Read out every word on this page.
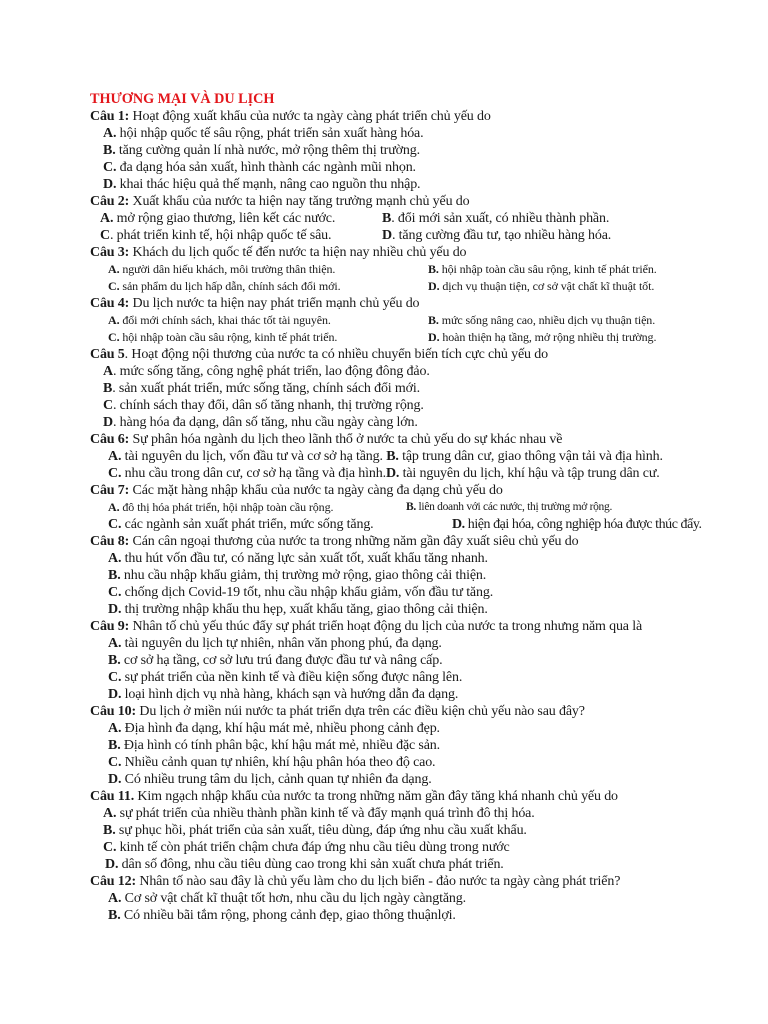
THƯƠNG MẠI VÀ DU LỊCH
Câu 1: Hoạt động xuất khẩu của nước ta ngày càng phát triển chủ yếu do
A. hội nhập quốc tế sâu rộng, phát triển sản xuất hàng hóa.
B. tăng cường quản lí nhà nước, mở rộng thêm thị trường.
C. đa dạng hóa sản xuất, hình thành các ngành mũi nhọn.
D. khai thác hiệu quả thế mạnh, nâng cao nguồn thu nhập.
Câu 2: Xuất khẩu của nước ta hiện nay tăng trưởng mạnh chủ yếu do
A. mở rộng giao thương, liên kết các nước.	B. đổi mới sản xuất, có nhiều thành phần.
C. phát triển kinh tế, hội nhập quốc tế sâu.	D. tăng cường đầu tư, tạo nhiều hàng hóa.
Câu 3: Khách du lịch quốc tế đến nước ta hiện nay nhiều chủ yếu do
A. người dân hiếu khách, môi trường thân thiện.	B. hội nhập toàn cầu sâu rộng, kinh tế phát triển.
C. sản phẩm du lịch hấp dẫn, chính sách đổi mới.	D. dịch vụ thuận tiện, cơ sở vật chất kĩ thuật tốt.
Câu 4: Du lịch nước ta hiện nay phát triển mạnh chủ yếu do
A. đổi mới chính sách, khai thác tốt tài nguyên.	B. mức sống nâng cao, nhiều dịch vụ thuận tiện.
C. hội nhập toàn cầu sâu rộng, kinh tế phát triển.	D. hoàn thiện hạ tầng, mở rộng nhiều thị trường.
Câu 5. Hoạt động nội thương của nước ta có nhiều chuyển biến tích cực chủ yếu do
A. mức sống tăng, công nghệ phát triển, lao động đông đảo.
B. sản xuất phát triển, mức sống tăng, chính sách đổi mới.
C. chính sách thay đổi, dân số tăng nhanh, thị trường rộng.
D. hàng hóa đa dạng, dân số tăng, nhu cầu ngày càng lớn.
Câu 6: Sự phân hóa ngành du lịch theo lãnh thổ ở nước ta chủ yếu do sự khác nhau về
A. tài nguyên du lịch, vốn đầu tư và cơ sở hạ tầng. B. tập trung dân cư, giao thông vận tải và địa hình.
C. nhu cầu trong dân cư, cơ sở hạ tầng và địa hình.D. tài nguyên du lịch, khí hậu và tập trung dân cư.
Câu 7: Các mặt hàng nhập khẩu của nước ta ngày càng đa dạng chủ yếu do
A. đô thị hóa phát triển, hội nhập toàn cầu rộng.	B. liên doanh với các nước, thị trường mở rộng.
C. các ngành sản xuất phát triển, mức sống tăng.	D. hiện đại hóa, công nghiệp hóa được thúc đẩy.
Câu 8: Cán cân ngoại thương của nước ta trong những năm gần đây xuất siêu chủ yếu do
A. thu hút vốn đầu tư, có năng lực sản xuất tốt, xuất khẩu tăng nhanh.
B. nhu cầu nhập khẩu giảm, thị trường mở rộng, giao thông cải thiện.
C. chống dịch Covid-19 tốt, nhu cầu nhập khẩu giảm, vốn đầu tư tăng.
D. thị trường nhập khẩu thu hẹp, xuất khẩu tăng, giao thông cải thiện.
Câu 9: Nhân tố chủ yếu thúc đẩy sự phát triển hoạt động du lịch của nước ta trong nhưng năm qua là
A. tài nguyên du lịch tự nhiên, nhân văn phong phú, đa dạng.
B. cơ sở hạ tầng, cơ sở lưu trú đang được đầu tư và nâng cấp.
C. sự phát triển của nền kinh tế và điều kiện sống được nâng lên.
D. loại hình dịch vụ nhà hàng, khách sạn và hướng dẫn đa dạng.
Câu 10: Du lịch ở miền núi nước ta phát triển dựa trên các điều kiện chủ yếu nào sau đây?
A. Địa hình đa dạng, khí hậu mát mẻ, nhiều phong cảnh đẹp.
B. Địa hình có tính phân bậc, khí hậu mát mẻ, nhiều đặc sản.
C. Nhiều cảnh quan tự nhiên, khí hậu phân hóa theo độ cao.
D. Có nhiều trung tâm du lịch, cảnh quan tự nhiên đa dạng.
Câu 11. Kim ngạch nhập khẩu của nước ta trong những năm gần đây tăng khá nhanh chủ yếu do
A. sự phát triển của nhiều thành phần kinh tế và đẩy mạnh quá trình đô thị hóa.
B. sự phục hồi, phát triển của sản xuất, tiêu dùng, đáp ứng nhu cầu xuất khẩu.
C. kinh tế còn phát triển chậm chưa đáp ứng nhu cầu tiêu dùng trong nước
D. dân số đông, nhu cầu tiêu dùng cao trong khi sản xuất chưa phát triển.
Câu 12: Nhân tố nào sau đây là chủ yếu làm cho du lịch biển - đảo nước ta ngày càng phát triển?
A. Cơ sở vật chất kĩ thuật tốt hơn, nhu cầu du lịch ngày càngtăng.
B. Có nhiều bãi tắm rộng, phong cảnh đẹp, giao thông thuậnlợi.
